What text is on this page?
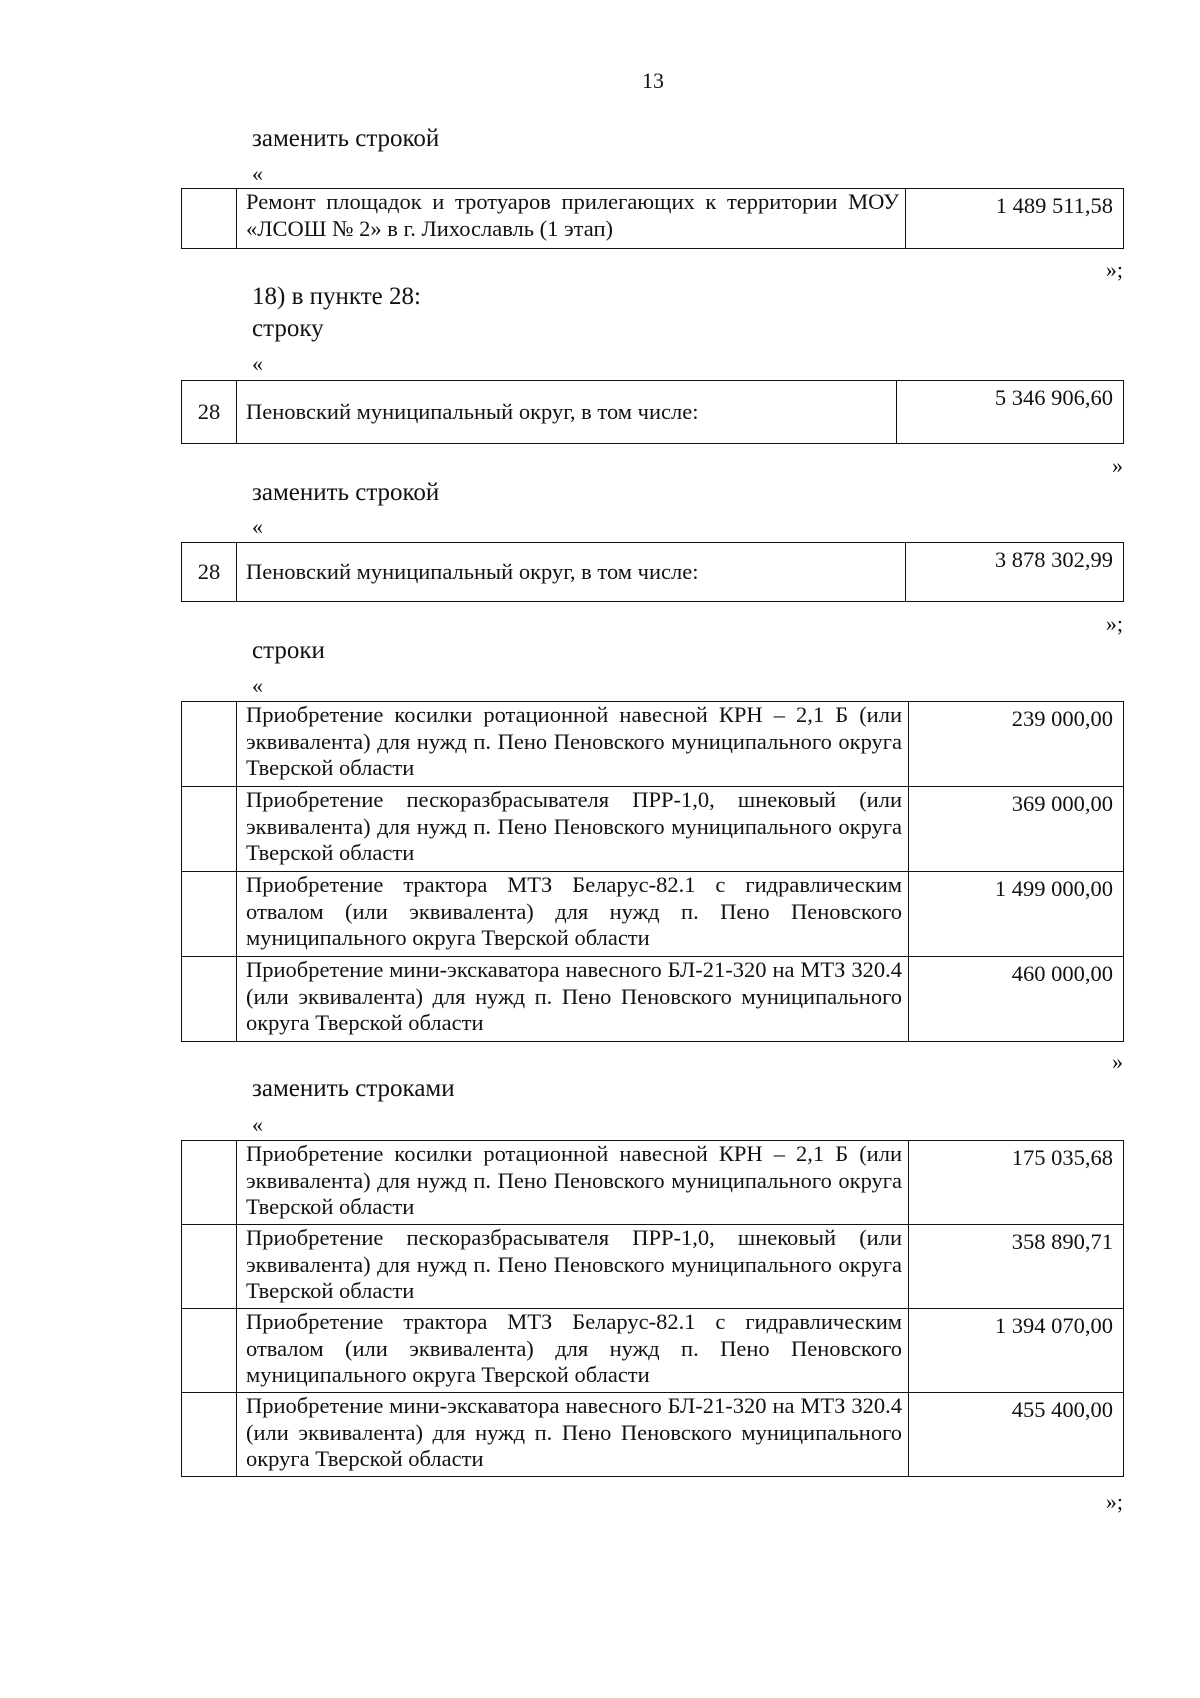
13
заменить строкой
«
	Ремонт площадок и тротуаров прилегающих к территории МОУ «ЛСОШ № 2» в г. Лихославль (1 этап)	1 489 511,58
»;
18) в пункте 28:
строку
«
28	Пеновский муниципальный округ, в том числе:	5 346 906,60
»
заменить строкой
«
28	Пеновский муниципальный округ, в том числе:	3 878 302,99
»;
строки
«
	Приобретение косилки ротационной навесной КРН – 2,1 Б (или эквивалента) для нужд п. Пено Пеновского муниципального округа Тверской области	239 000,00
	Приобретение пескоразбрасывателя ПРР-1,0, шнековый (или эквивалента) для нужд п. Пено Пеновского муниципального округа Тверской области	369 000,00
	Приобретение трактора МТЗ Беларус-82.1 с гидравлическим отвалом (или эквивалента) для нужд п. Пено Пеновского муниципального округа Тверской области	1 499 000,00
	Приобретение мини-экскаватора навесного БЛ-21-320 на МТЗ 320.4 (или эквивалента) для нужд п. Пено Пеновского муниципального округа Тверской области	460 000,00
»
заменить строками
«
	Приобретение косилки ротационной навесной КРН – 2,1 Б (или эквивалента) для нужд п. Пено Пеновского муниципального округа Тверской области	175 035,68
	Приобретение пескоразбрасывателя ПРР-1,0, шнековый (или эквивалента) для нужд п. Пено Пеновского муниципального округа Тверской области	358 890,71
	Приобретение трактора МТЗ Беларус-82.1 с гидравлическим отвалом (или эквивалента) для нужд п. Пено Пеновского муниципального округа Тверской области	1 394 070,00
	Приобретение мини-экскаватора навесного БЛ-21-320 на МТЗ 320.4 (или эквивалента) для нужд п. Пено Пеновского муниципального округа Тверской области	455 400,00
»;
